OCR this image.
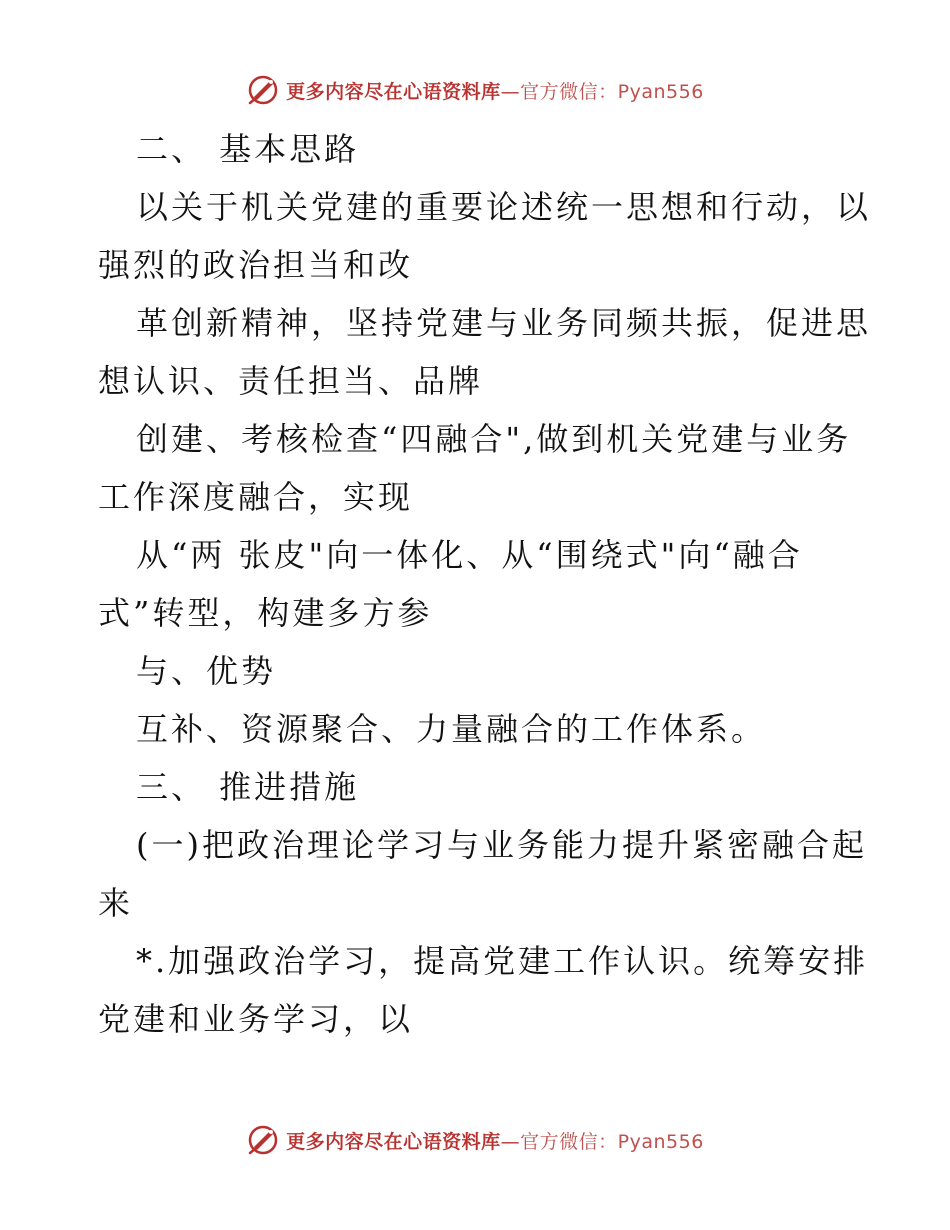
更多内容尽在心语资料库—官方微信：Pyan556

二、 基本思路

以关于机关党建的重要论述统一思想和行动，以

强烈的政治担当和改

革创新精神，坚持党建与业务同频共振，促进思

想认识、责任担当、品牌

创建、考核检查“四融合",做到机关党建与业务

工作深度融合，实现

从“两 张皮"向一体化、从“围绕式"向“融合

式”转型，构建多方参

与、优势

互补、资源聚合、力量融合的工作体系。

三、 推进措施

(一)把政治理论学习与业务能力提升紧密融合起

来

*.加强政治学习，提高党建工作认识。统筹安排

党建和业务学习，以

更多内容尽在心语资料库—官方微信：Pyan556
